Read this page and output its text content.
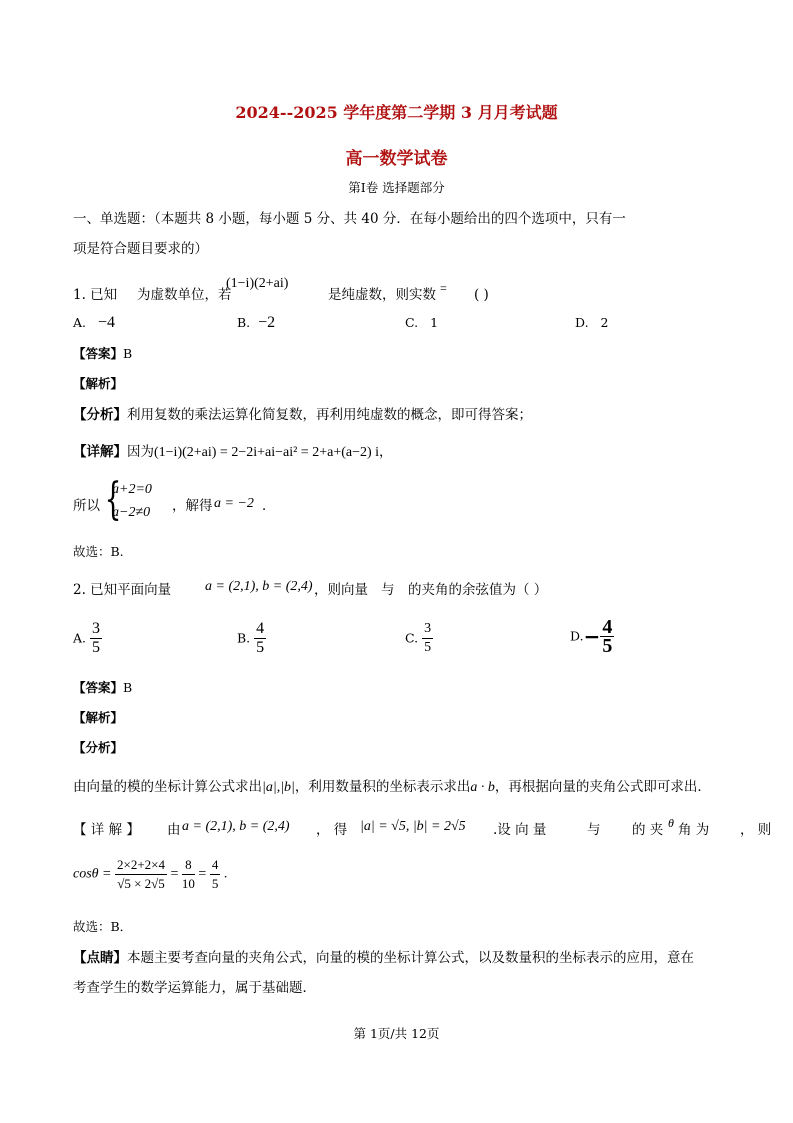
2024--2025 学年度第二学期 3 月月考试题
高一数学试卷
第Ⅰ卷 选择题部分
一、单选题：（本题共 8 小题，每小题 5 分、共 40 分．在每小题给出的四个选项中，只有一
项是符合题目要求的）
1. 已知 为虚数单位，若
(1−i)(2+ai)
是纯虚数，则实数 = ( )
A. −4	B. −2	C. 1	D. 2
【答案】B
【解析】
【分析】利用复数的乘法运算化简复数，再利用纯虚数的概念，即可得答案；
【详解】因为(1−i)(2+ai) = 2−2i+ai−ai² = 2+a+(a−2) i，
所以 {
a+2=0
a−2≠0 ，解得 a = −2 ．
故选：B.
2. 已知平面向量 a = (2,1), b = (2,4) ，则向量 与 的夹角的余弦值为（ ）
A. $\frac{3}{5}$	B. $\frac{4}{5}$	C. $\frac{3}{5}$	$D.- \frac{4}{5}$
【答案】B
【解析】
【分析】
由向量的模的坐标计算公式求出|a|,|b|，利用数量积的坐标表示求出a · b，再根据向量的夹角公式即可求出．
【 详 解 】 由 a = (2,1), b = (2,4) ， 得 |a| = √5, |b| = 2√5 .设 向 量	与 的 夹 θ 角 为 ， 则
$\cos\theta = \frac{2\times 2+2\times 4}{√5 \times 2√5} = \frac{8}{10} = \frac{4}{5}$ .
故选：B．
【点睛】本题主要考查向量的夹角公式，向量的模的坐标计算公式，以及数量积的坐标表示的应用，意在
考查学生的数学运算能力，属于基础题．
第 1页/共 12页
